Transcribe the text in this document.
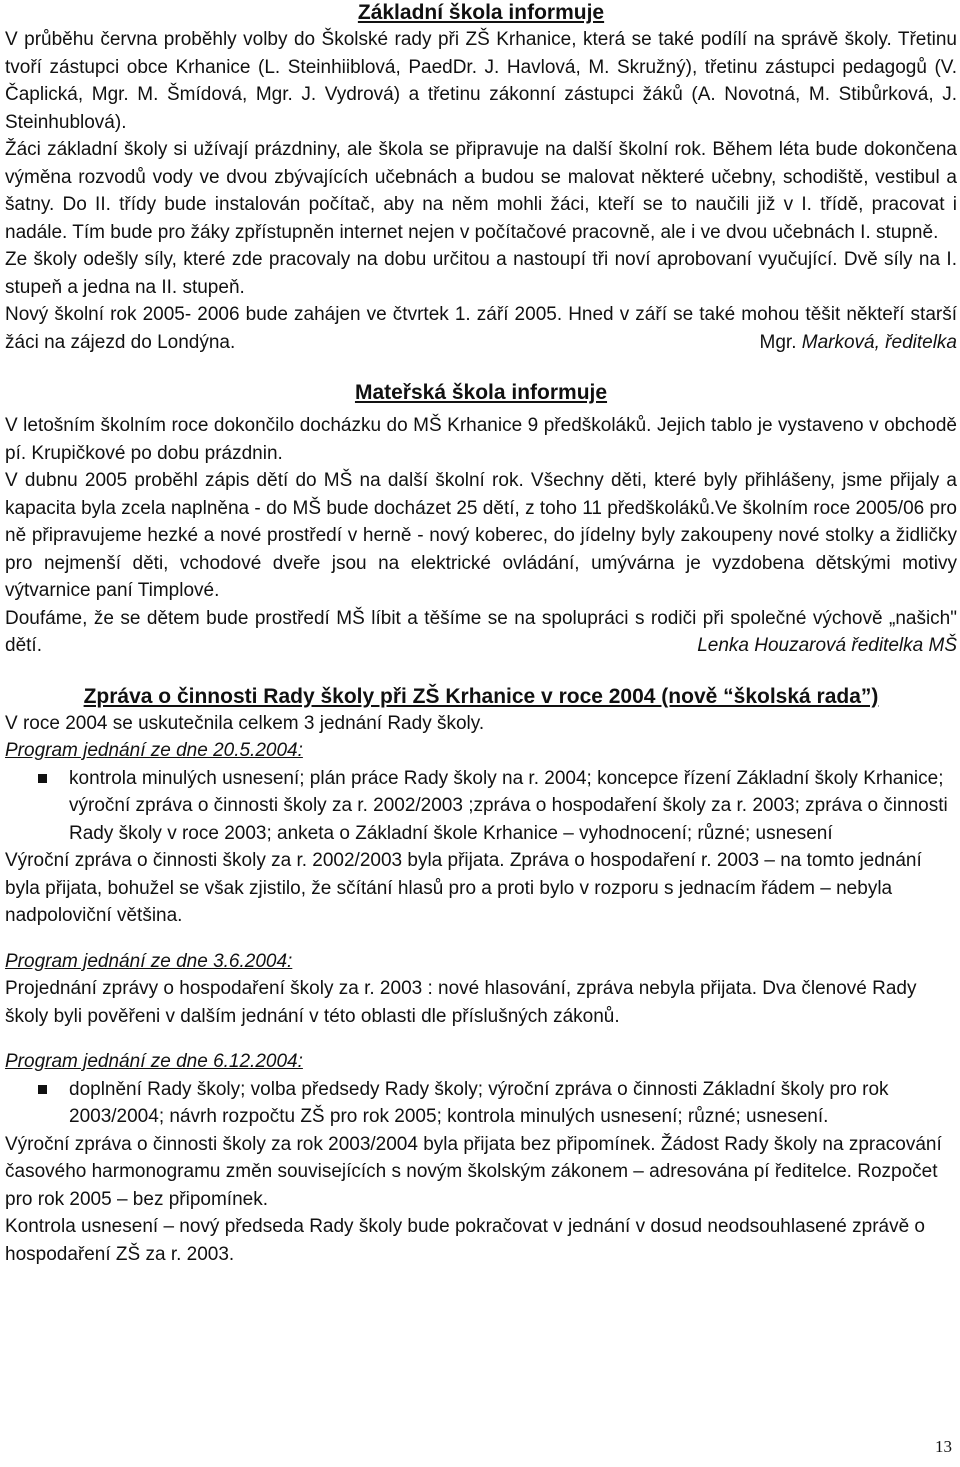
Základní škola informuje

V průběhu června proběhly volby do Školské rady při ZŠ Krhanice, která se také podílí na správě školy. Třetinu tvoří zástupci obce Krhanice (L. Steinhiiblová, PaedDr. J. Havlová, M. Skružný), třetinu zástupci pedagogů (V. Čaplická, Mgr. M. Šmídová, Mgr. J. Vydrová) a třetinu zákonní zástupci žáků (A. Novotná, M. Stibůrková, J. Steinhublová).

Žáci základní školy si užívají prázdniny, ale škola se připravuje na další školní rok. Během léta bude dokončena výměna rozvodů vody ve dvou zbývajících učebnách a budou se malovat některé učebny, schodiště, vestibul a šatny. Do II. třídy bude instalován počítač, aby na něm mohli žáci, kteří se to naučili již v I. třídě, pracovat i nadále. Tím bude pro žáky zpřístupněn internet nejen v počítačové pracovně, ale i ve dvou učebnách I. stupně.

Ze školy odešly síly, které zde pracovaly na dobu určitou a nastoupí tři noví aprobovaní vyučující. Dvě síly na I. stupeň a jedna na II. stupeň.

Nový školní rok 2005- 2006 bude zahájen ve čtvrtek 1. září 2005. Hned v září se také mohou těšit někteří starší žáci na zájezd do Londýna.	Mgr. Marková, ředitelka

Mateřská škola informuje

V letošním školním roce dokončilo docházku do MŠ Krhanice 9 předškoláků. Jejich tablo je vystaveno v obchodě pí. Krupičkové po dobu prázdnin.

V dubnu 2005 proběhl zápis dětí do MŠ na další školní rok. Všechny děti, které byly přihlášeny, jsme přijaly a kapacita byla zcela naplněna - do MŠ bude docházet 25 dětí, z toho 11 předškoláků.Ve školním roce 2005/06 pro ně připravujeme hezké a nové prostředí v herně - nový koberec, do jídelny byly zakoupeny nové stolky a židličky pro nejmenší děti, vchodové dveře jsou na elektrické ovládání, umývárna je vyzdobena dětskými motivy výtvarnice paní Timplové.

Doufáme, že se dětem bude prostředí MŠ líbit a těšíme se na spolupráci s rodiči při společné výchově „našich" dětí.	Lenka Houzarová ředitelka MŠ

Zpráva o činnosti Rady školy při ZŠ Krhanice v roce 2004 (nově “školská rada”)

V roce 2004 se uskutečnila celkem 3 jednání Rady školy.

Program jednání ze dne 20.5.2004:

kontrola minulých usnesení; plán práce Rady školy na r. 2004; koncepce řízení Základní školy Krhanice; výroční zpráva o činnosti školy za r. 2002/2003 ;zpráva o hospodaření školy za r. 2003; zpráva o činnosti Rady školy v roce 2003; anketa o Základní škole Krhanice – vyhodnocení; různé; usnesení

Výroční zpráva o činnosti školy za r. 2002/2003 byla přijata. Zpráva o hospodaření r. 2003 – na tomto jednání byla přijata, bohužel se však zjistilo, že sčítání hlasů pro a proti bylo v rozporu s jednacím řádem – nebyla nadpoloviční většina.

Program jednání ze dne 3.6.2004:

Projednání zprávy o hospodaření školy za r. 2003 : nové hlasování, zpráva nebyla přijata. Dva členové Rady školy byli pověřeni v dalším jednání v této oblasti dle příslušných zákonů.

Program jednání ze dne 6.12.2004:

doplnění Rady školy; volba předsedy Rady školy; výroční zpráva o činnosti Základní školy pro rok 2003/2004; návrh rozpočtu ZŠ pro rok 2005; kontrola minulých usnesení; různé; usnesení.

Výroční zpráva o činnosti školy za rok 2003/2004 byla přijata bez připomínek. Žádost Rady školy na zpracování časového harmonogramu změn souvisejících s novým školským zákonem – adresována pí ředitelce. Rozpočet pro rok 2005 – bez připomínek.

Kontrola usnesení – nový předseda Rady školy bude pokračovat v jednání v dosud neodsouhlasené zprávě o hospodaření ZŠ za r. 2003.

13
